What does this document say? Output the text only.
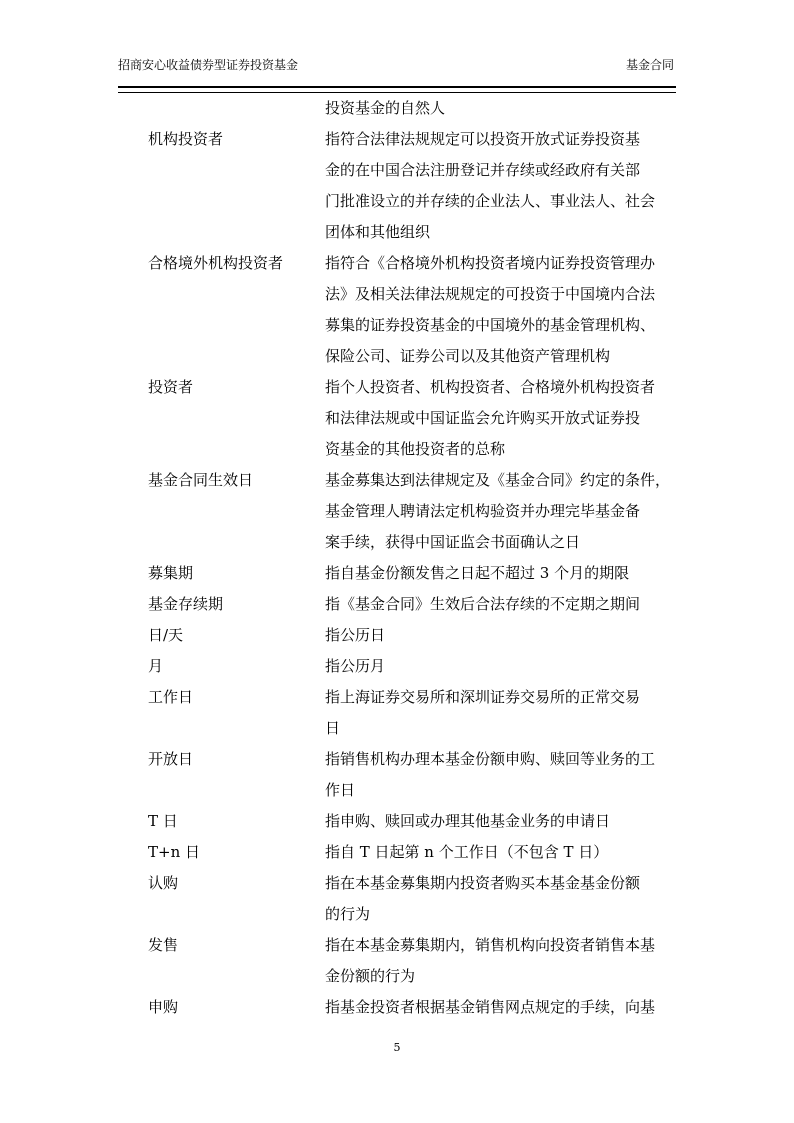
招商安心收益债券型证券投资基金	基金合同
投资基金的自然人
机构投资者	指符合法律法规规定可以投资开放式证券投资基
金的在中国合法注册登记并存续或经政府有关部
门批准设立的并存续的企业法人、事业法人、社会
团体和其他组织
合格境外机构投资者	指符合《合格境外机构投资者境内证券投资管理办
法》及相关法律法规规定的可投资于中国境内合法
募集的证券投资基金的中国境外的基金管理机构、
保险公司、证券公司以及其他资产管理机构
投资者	指个人投资者、机构投资者、合格境外机构投资者
和法律法规或中国证监会允许购买开放式证券投
资基金的其他投资者的总称
基金合同生效日	基金募集达到法律规定及《基金合同》约定的条件，
基金管理人聘请法定机构验资并办理完毕基金备
案手续，获得中国证监会书面确认之日
募集期	指自基金份额发售之日起不超过 3 个月的期限
基金存续期	指《基金合同》生效后合法存续的不定期之期间
日/天	指公历日
月	指公历月
工作日	指上海证券交易所和深圳证券交易所的正常交易
日
开放日	指销售机构办理本基金份额申购、赎回等业务的工
作日
T 日	指申购、赎回或办理其他基金业务的申请日
T+n 日	指自 T 日起第 n 个工作日（不包含 T 日）
认购	指在本基金募集期内投资者购买本基金基金份额
的行为
发售	指在本基金募集期内，销售机构向投资者销售本基
金份额的行为
申购	指基金投资者根据基金销售网点规定的手续，向基
5
